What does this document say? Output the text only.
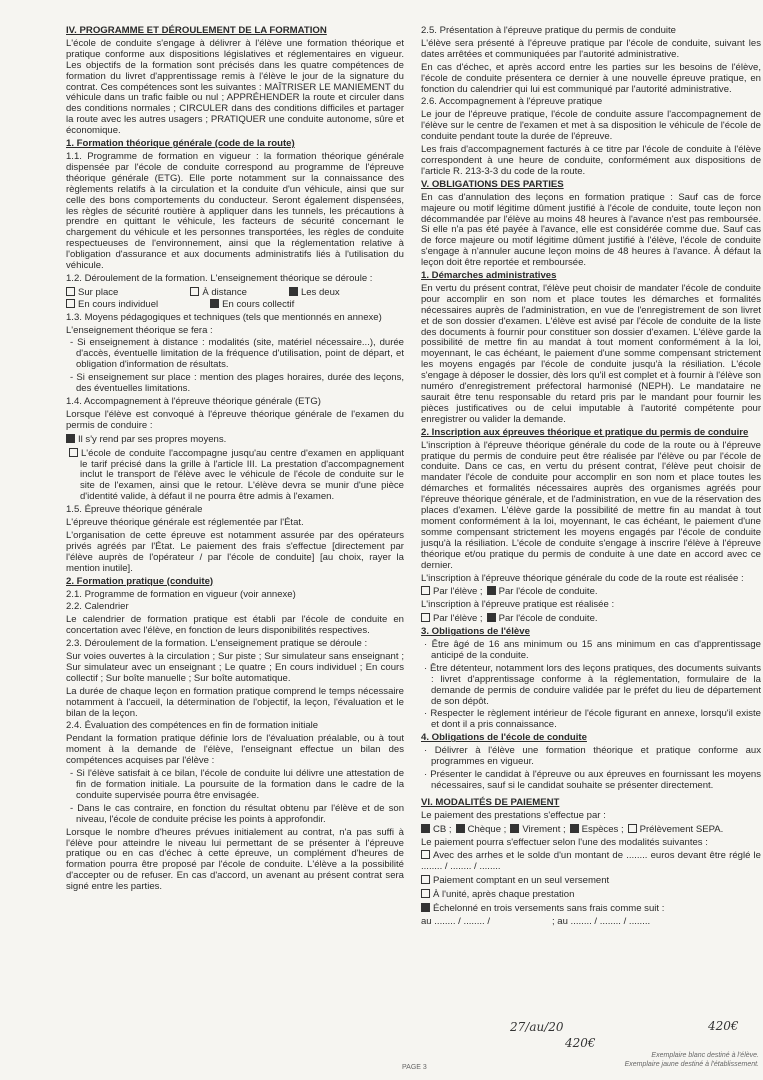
IV. PROGRAMME ET DÉROULEMENT DE LA FORMATION

L'école de conduite s'engage à délivrer à l'élève une formation théorique et pratique conforme aux dispositions législatives et réglementaires en vigueur. Les objectifs de la formation sont précisés dans les quatre compétences de formation du livret d'apprentissage remis à l'élève le jour de la signature du contrat. Ces compétences sont les suivantes : MAÎTRISER LE MANIEMENT du véhicule dans un trafic faible ou nul ; APPRÉHENDER la route et circuler dans des conditions normales ; CIRCULER dans des conditions difficiles et partager la route avec les autres usagers ; PRATIQUER une conduite autonome, sûre et économique.

1. Formation théorique générale (code de la route)

1.1. Programme de formation en vigueur : la formation théorique générale dispensée par l'école de conduite correspond au programme de l'épreuve théorique générale (ETG). Elle porte notamment sur la connaissance des règlements relatifs à la circulation et la conduite d'un véhicule, ainsi que sur celle des bons comportements du conducteur. Seront également dispensées, les règles de sécurité routière à appliquer dans les tunnels, les précautions à prendre en quittant le véhicule, les facteurs de sécurité concernant le chargement du véhicule et les personnes transportées, les règles de conduite respectueuses de l'environnement, ainsi que la réglementation relative à l'obligation d'assurance et aux documents administratifs liés à l'utilisation du véhicule.

1.2. Déroulement de la formation. L'enseignement théorique se déroule :

Sur place	À distance	Les deux
En cours individuel	En cours collectif

1.3. Moyens pédagogiques et techniques (tels que mentionnés en annexe)

L'enseignement théorique se fera :

- Si enseignement à distance : modalités (site, matériel nécessaire...), durée d'accès, éventuelle limitation de la fréquence d'utilisation, point de départ, et obligation d'information de résultats.

- Si enseignement sur place : mention des plages horaires, durée des leçons, des éventuelles limitations.

1.4. Accompagnement à l'épreuve théorique générale (ETG)

Lorsque l'élève est convoqué à l'épreuve théorique générale de l'examen du permis de conduire :

Il s'y rend par ses propres moyens.

L'école de conduite l'accompagne jusqu'au centre d'examen en appliquant le tarif précisé dans la grille à l'article III. La prestation d'accompagnement inclut le transport de l'élève avec le véhicule de l'école de conduite sur le site de l'examen, ainsi que le retour. L'élève devra se munir d'une pièce d'identité valide, à défaut il ne pourra être admis à l'examen.

1.5. Épreuve théorique générale

L'épreuve théorique générale est réglementée par l'État.

L'organisation de cette épreuve est notamment assurée par des opérateurs privés agréés par l'État. Le paiement des frais s'effectue [directement par l'élève auprès de l'opérateur / par l'école de conduite] [au choix, rayer la mention inutile].

2. Formation pratique (conduite)

2.1. Programme de formation en vigueur (voir annexe)

2.2. Calendrier

Le calendrier de formation pratique est établi par l'école de conduite en concertation avec l'élève, en fonction de leurs disponibilités respectives.

2.3. Déroulement de la formation. L'enseignement pratique se déroule :

Sur voies ouvertes à la circulation ; Sur piste ; Sur simulateur sans enseignant ; Sur simulateur avec un enseignant ; Le quatre ; En cours individuel ; En cours collectif ; Sur boîte manuelle ; Sur boîte automatique.

La durée de chaque leçon en formation pratique comprend le temps nécessaire notamment à l'accueil, la détermination de l'objectif, la leçon, l'évaluation et le bilan de la leçon.

2.4. Évaluation des compétences en fin de formation initiale

Pendant la formation pratique définie lors de l'évaluation préalable, ou à tout moment à la demande de l'élève, l'enseignant effectue un bilan des compétences acquises par l'élève :

- Si l'élève satisfait à ce bilan, l'école de conduite lui délivre une attestation de fin de formation initiale. La poursuite de la formation dans le cadre de la conduite supervisée pourra être envisagée.

- Dans le cas contraire, en fonction du résultat obtenu par l'élève et de son niveau, l'école de conduite précise les points à approfondir.

Lorsque le nombre d'heures prévues initialement au contrat, n'a pas suffi à l'élève pour atteindre le niveau lui permettant de se présenter à l'épreuve pratique ou en cas d'échec à cette épreuve, un complément d'heures de formation pourra être proposé par l'école de conduite. L'élève a la possibilité d'accepter ou de refuser. En cas d'accord, un avenant au présent contrat sera signé entre les parties.

2.5. Présentation à l'épreuve pratique du permis de conduite

L'élève sera présenté à l'épreuve pratique par l'école de conduite, suivant les dates arrêtées et communiquées par l'autorité administrative.

En cas d'échec, et après accord entre les parties sur les besoins de l'élève, l'école de conduite présentera ce dernier à une nouvelle épreuve pratique, en fonction du calendrier qui lui est communiqué par l'autorité administrative.

2.6. Accompagnement à l'épreuve pratique

Le jour de l'épreuve pratique, l'école de conduite assure l'accompagnement de l'élève sur le centre de l'examen et met à sa disposition le véhicule de l'école de conduite pendant toute la durée de l'épreuve.

Les frais d'accompagnement facturés à ce titre par l'école de conduite à l'élève correspondent à une heure de conduite, conformément aux dispositions de l'article R. 213-3-3 du code de la route.

V. OBLIGATIONS DES PARTIES

En cas d'annulation des leçons en formation pratique : Sauf cas de force majeure ou motif légitime dûment justifié à l'école de conduite, toute leçon non décommandée par l'élève au moins 48 heures à l'avance n'est pas remboursée. Si elle n'a pas été payée à l'avance, elle est considérée comme due. Sauf cas de force majeure ou motif légitime dûment justifié à l'élève, l'école de conduite s'engage à n'annuler aucune leçon moins de 48 heures à l'avance. À défaut la leçon doit être reportée et remboursée.

1. Démarches administratives

En vertu du présent contrat, l'élève peut choisir de mandater l'école de conduite pour accomplir en son nom et place toutes les démarches et formalités nécessaires auprès de l'administration, en vue de l'enregistrement de son livret et de son dossier d'examen. L'élève est avisé par l'école de conduite de la liste des documents à fournir pour constituer son dossier d'examen. L'élève garde la possibilité de mettre fin au mandat à tout moment conformément à la loi, moyennant, le cas échéant, le paiement d'une somme compensant strictement les moyens engagés par l'école de conduite jusqu'à la résiliation. L'école s'engage à déposer le dossier, dès lors qu'il est complet et à fournir à l'élève son numéro d'enregistrement préfectoral harmonisé (NEPH). Le mandataire ne saurait être tenu responsable du retard pris par le mandant pour fournir les pièces justificatives ou de celui imputable à l'autorité compétente pour enregistrer ou valider la demande.

2. Inscription aux épreuves théorique et pratique du permis de conduire

L'inscription à l'épreuve théorique générale du code de la route ou à l'épreuve pratique du permis de conduire peut être réalisée par l'élève ou par l'école de conduite. Dans ce cas, en vertu du présent contrat, l'élève peut choisir de mandater l'école de conduite pour accomplir en son nom et place toutes les démarches et formalités nécessaires auprès des organismes agréés pour l'épreuve théorique générale, et de l'administration, en vue de la réservation des places d'examen. L'élève garde la possibilité de mettre fin au mandat à tout moment conformément à la loi, moyennant, le cas échéant, le paiement d'une somme compensant strictement les moyens engagés par l'école de conduite jusqu'à la résiliation. L'école de conduite s'engage à inscrire l'élève à l'épreuve théorique et/ou pratique du permis de conduite à une date en accord avec ce dernier.

L'inscription à l'épreuve théorique générale du code de la route est réalisée :

Par l'élève ;	Par l'école de conduite.

L'inscription à l'épreuve pratique est réalisée :

Par l'élève ;	Par l'école de conduite.
3. Obligations de l'élève

· Être âgé de 16 ans minimum ou 15 ans minimum en cas d'apprentissage anticipé de la conduite.

· Être détenteur, notamment lors des leçons pratiques, des documents suivants : livret d'apprentissage conforme à la réglementation, formulaire de la demande de permis de conduire validée par le préfet du lieu de département de son dépôt.

· Respecter le règlement intérieur de l'école figurant en annexe, lorsqu'il existe et dont il a pris connaissance.

4. Obligations de l'école de conduite

· Délivrer à l'élève une formation théorique et pratique conforme aux programmes en vigueur.

· Présenter le candidat à l'épreuve ou aux épreuves en fournissant les moyens nécessaires, sauf si le candidat souhaite se présenter directement.

VI. MODALITÉS DE PAIEMENT

Le paiement des prestations s'effectue par :

CB ;	Chèque ;	Virement ;	Espèces ;	Prélèvement SEPA.

Le paiement pourra s'effectuer selon l'une des modalités suivantes :

Avec des arrhes et le solde d'un montant de ........ euros devant être réglé le ........ / ........ / ........

Paiement comptant en un seul versement

À l'unité, après chaque prestation

Échelonné en trois versements sans frais comme suit :

au ........ / ........ /	; au ........ / ........ / ........

27/au/20	420€
420€
PAGE 3
Exemplaire blanc destiné à l'élève.
Exemplaire jaune destiné à l'établissement.
